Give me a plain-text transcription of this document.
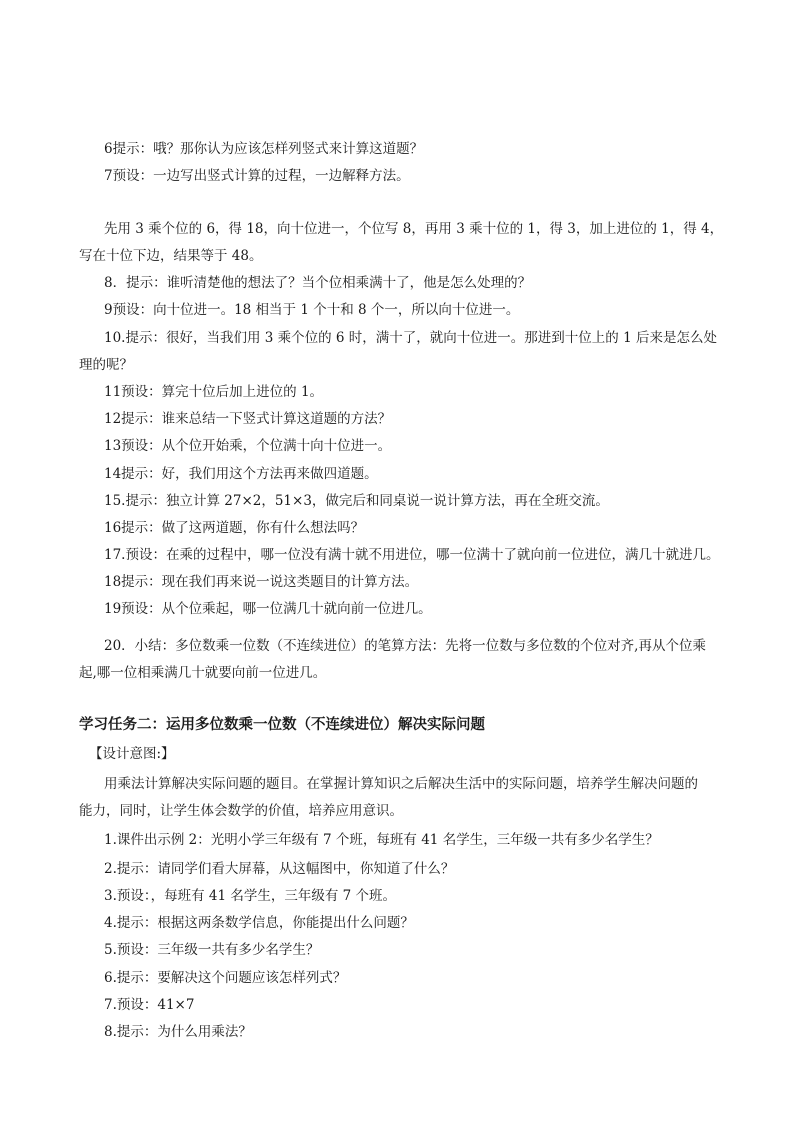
6提示：哦？那你认为应该怎样列竖式来计算这道题？
7预设：一边写出竖式计算的过程，一边解释方法。
先用 3 乘个位的 6，得 18，向十位进一，个位写 8，再用 3 乘十位的 1，得 3，加上进位的 1，得 4，
写在十位下边，结果等于 48。
8．提示：谁听清楚他的想法了？当个位相乘满十了，他是怎么处理的？
9预设：向十位进一。18 相当于 1 个十和 8 个一，所以向十位进一。
10.提示：很好，当我们用 3 乘个位的 6 时，满十了，就向十位进一。那进到十位上的 1 后来是怎么处
理的呢？
11预设：算完十位后加上进位的 1。
12提示：谁来总结一下竖式计算这道题的方法？
13预设：从个位开始乘，个位满十向十位进一。
14提示：好，我们用这个方法再来做四道题。
15.提示：独立计算 27×2，51×3，做完后和同桌说一说计算方法，再在全班交流。
16提示：做了这两道题，你有什么想法吗？
17.预设：在乘的过程中，哪一位没有满十就不用进位，哪一位满十了就向前一位进位，满几十就进几。
18提示：现在我们再来说一说这类题目的计算方法。
19预设：从个位乘起，哪一位满几十就向前一位进几。
20．小结：多位数乘一位数（不连续进位）的笔算方法：先将一位数与多位数的个位对齐,再从个位乘
起,哪一位相乘满几十就要向前一位进几。
学习任务二：运用多位数乘一位数（不连续进位）解决实际问题
【设计意图:】
用乘法计算解决实际问题的题目。在掌握计算知识之后解决生活中的实际问题，培养学生解决问题的
能力，同时，让学生体会数学的价值，培养应用意识。
1.课件出示例 2：光明小学三年级有 7 个班，每班有 41 名学生，三年级一共有多少名学生？
2.提示：请同学们看大屏幕，从这幅图中，你知道了什么？
3.预设：，每班有 41 名学生，三年级有 7 个班。
4.提示：根据这两条数学信息，你能提出什么问题？
5.预设：三年级一共有多少名学生？
6.提示：要解决这个问题应该怎样列式？
7.预设：41×7
8.提示：为什么用乘法？
